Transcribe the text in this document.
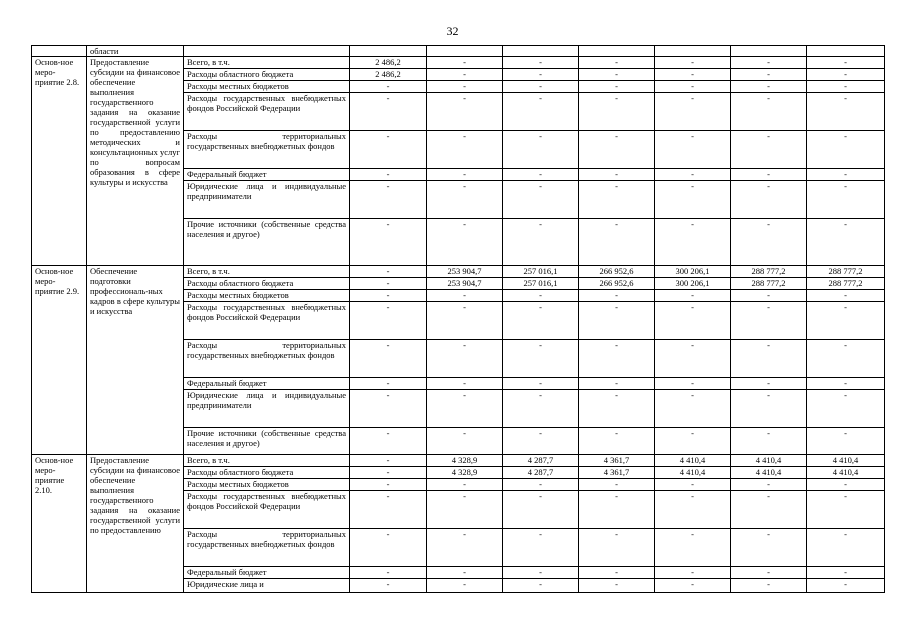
32
	области								
Основ-ное меро-приятие 2.8.	Предоставление субсидии на финансовое обеспечение выполнения государственного задания на оказание государственной услуги по предоставлению методических и консультационных услуг по вопросам образования в сфере культуры и искусства	Всего, в т.ч.	2 486,2	-	-	-	-	-	-
		Расходы областного бюджета	2 486,2	-	-	-	-	-	-
		Расходы местных бюджетов	-	-	-	-	-	-	-
		Расходы государственных внебюджетных фондов Российской Федерации	-	-	-	-	-	-	-
		Расходы территориальных государственных внебюджетных фондов	-	-	-	-	-	-	-
		Федеральный бюджет	-	-	-	-	-	-	-
		Юридические лица и индивидуальные предприниматели	-	-	-	-	-	-	-
		Прочие источники (собственные средства населения и другое)	-	-	-	-	-	-	-
Основ-ное меро-приятие 2.9.	Обеспечение подготовки профессиональ-ных кадров в сфере культуры и искусства	Всего, в т.ч.	-	253 904,7	257 016,1	266 952,6	300 206,1	288 777,2	288 777,2
		Расходы областного бюджета	-	253 904,7	257 016,1	266 952,6	300 206,1	288 777,2	288 777,2
		Расходы местных бюджетов	-	-	-	-	-	-	-
		Расходы государственных внебюджетных фондов Российской Федерации	-	-	-	-	-	-	-
		Расходы территориальных государственных внебюджетных фондов	-	-	-	-	-	-	-
		Федеральный бюджет	-	-	-	-	-	-	-
		Юридические лица и индивидуальные предприниматели	-	-	-	-	-	-	-
		Прочие источники (собственные средства населения и другое)	-	-	-	-	-	-	-
Основ-ное меро-приятие 2.10.	Предоставление субсидии на финансовое обеспечение выполнения государственного задания на оказание государственной услуги по предоставлению	Всего, в т.ч.	-	4 328,9	4 287,7	4 361,7	4 410,4	4 410,4	4 410,4
		Расходы областного бюджета	-	4 328,9	4 287,7	4 361,7	4 410,4	4 410,4	4 410,4
		Расходы местных бюджетов	-	-	-	-	-	-	-
		Расходы государственных внебюджетных фондов Российской Федерации	-	-	-	-	-	-	-
		Расходы территориальных государственных внебюджетных фондов	-	-	-	-	-	-	-
		Федеральный бюджет	-	-	-	-	-	-	-
		Юридические лица и	-	-	-	-	-	-	-
